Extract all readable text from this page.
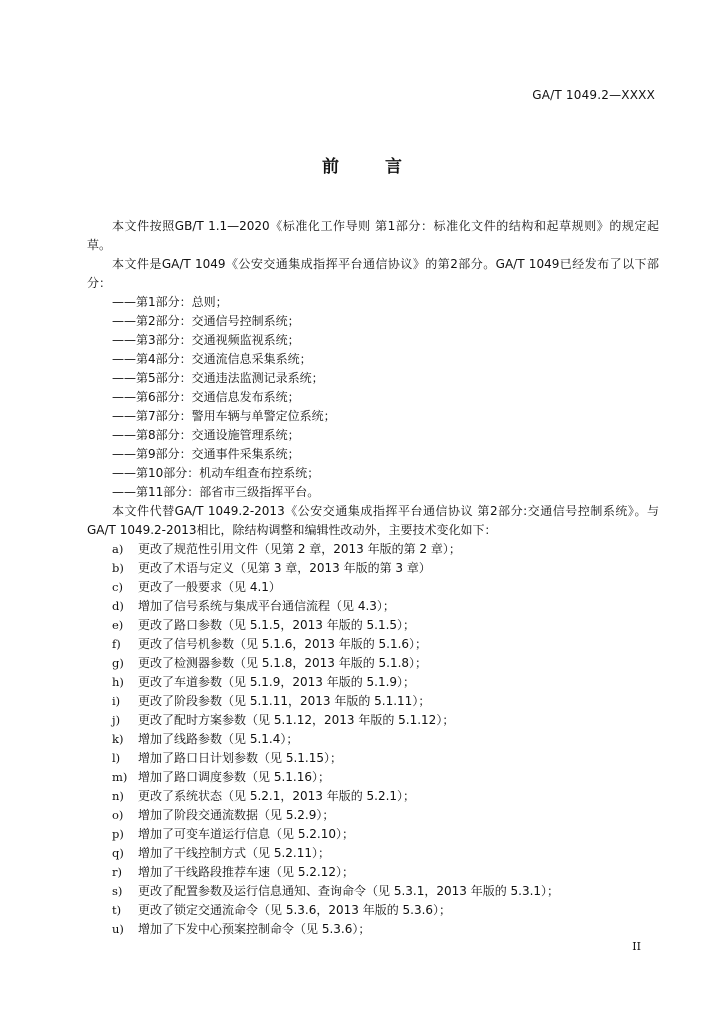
GA/T 1049.2—XXXX
前	言

本文件按照GB/T 1.1—2020《标准化工作导则 第1部分：标准化文件的结构和起草规则》的规定起草。

本文件是GA/T 1049《公安交通集成指挥平台通信协议》的第2部分。GA/T 1049已经发布了以下部分：

——第1部分：总则；

——第2部分：交通信号控制系统；

——第3部分：交通视频监视系统；

——第4部分：交通流信息采集系统；

——第5部分：交通违法监测记录系统；

——第6部分：交通信息发布系统；

——第7部分：警用车辆与单警定位系统；

——第8部分：交通设施管理系统；

——第9部分：交通事件采集系统；

——第10部分：机动车组查布控系统；

——第11部分：部省市三级指挥平台。

本文件代替GA/T 1049.2-2013《公安交通集成指挥平台通信协议 第2部分:交通信号控制系统》。与GA/T 1049.2-2013相比，除结构调整和编辑性改动外，主要技术变化如下：

a)	更改了规范性引用文件（见第 2 章，2013 年版的第 2 章）；
b)	更改了术语与定义（见第 3 章，2013 年版的第 3 章）
c)	更改了一般要求（见 4.1）
d)	增加了信号系统与集成平台通信流程（见 4.3）；
e)	更改了路口参数（见 5.1.5，2013 年版的 5.1.5）；
f)	更改了信号机参数（见 5.1.6，2013 年版的 5.1.6）；
g)	更改了检测器参数（见 5.1.8，2013 年版的 5.1.8）；
h)	更改了车道参数（见 5.1.9，2013 年版的 5.1.9）；
i)	更改了阶段参数（见 5.1.11，2013 年版的 5.1.11）；
j)	更改了配时方案参数（见 5.1.12，2013 年版的 5.1.12）；
k)	增加了线路参数（见 5.1.4）；
l)	增加了路口日计划参数（见 5.1.15）；
m) 增加了路口调度参数（见 5.1.16）；
n)	更改了系统状态（见 5.2.1，2013 年版的 5.2.1）；
o)	增加了阶段交通流数据（见 5.2.9）；
p)	增加了可变车道运行信息（见 5.2.10）；
q)	增加了干线控制方式（见 5.2.11）；
r)	增加了干线路段推荐车速（见 5.2.12）；
s)	更改了配置参数及运行信息通知、查询命令（见 5.3.1，2013 年版的 5.3.1）；
t)	更改了锁定交通流命令（见 5.3.6，2013 年版的 5.3.6）；
u)	增加了下发中心预案控制命令（见 5.3.6）；
II
